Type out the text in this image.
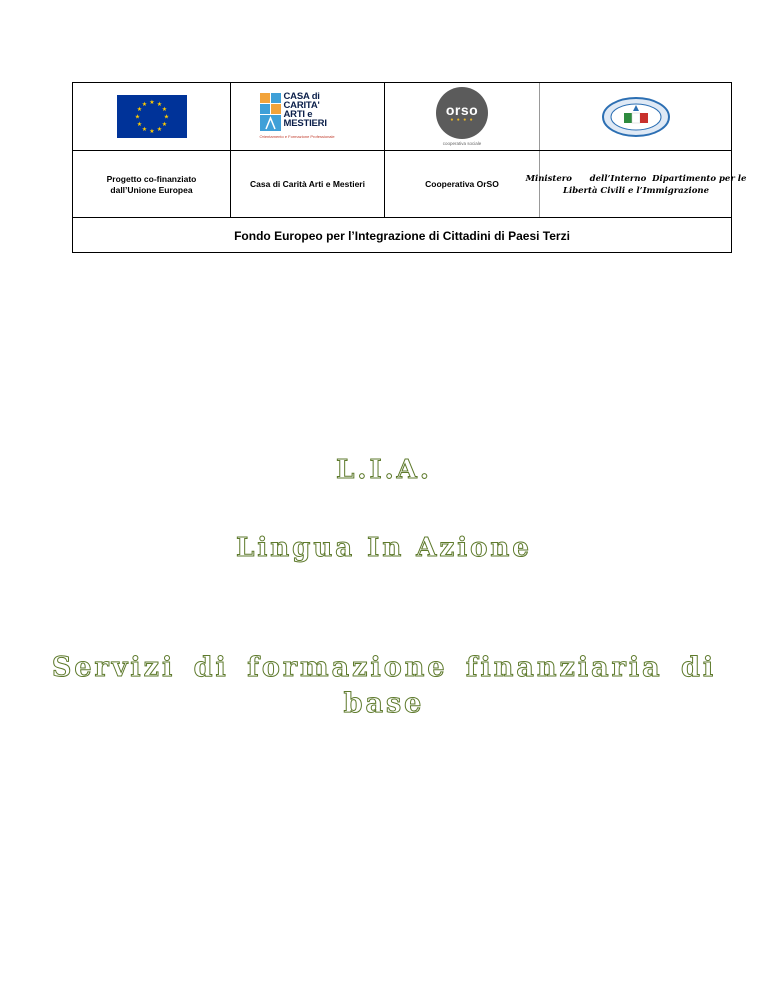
★ ★
★
★
★
★
★
★
★
★
★
★
CASA di
CARITA'
ARTI e
MESTIERI
Orientamento e Formazione Professionale
orso
● ● ● ●
cooperativa sociale
Progetto co-finanziato dall’Unione Europea
Casa di Carità Arti e Mestieri	Cooperativa OrSO
Ministero      dell’Interno  Dipartimento per le
Libertà Civili e l’Immigrazione
Fondo Europeo per l’Integrazione di Cittadini di Paesi Terzi
L.I.A.
Lingua In Azione
Servizi di formazione finanziaria di
base
